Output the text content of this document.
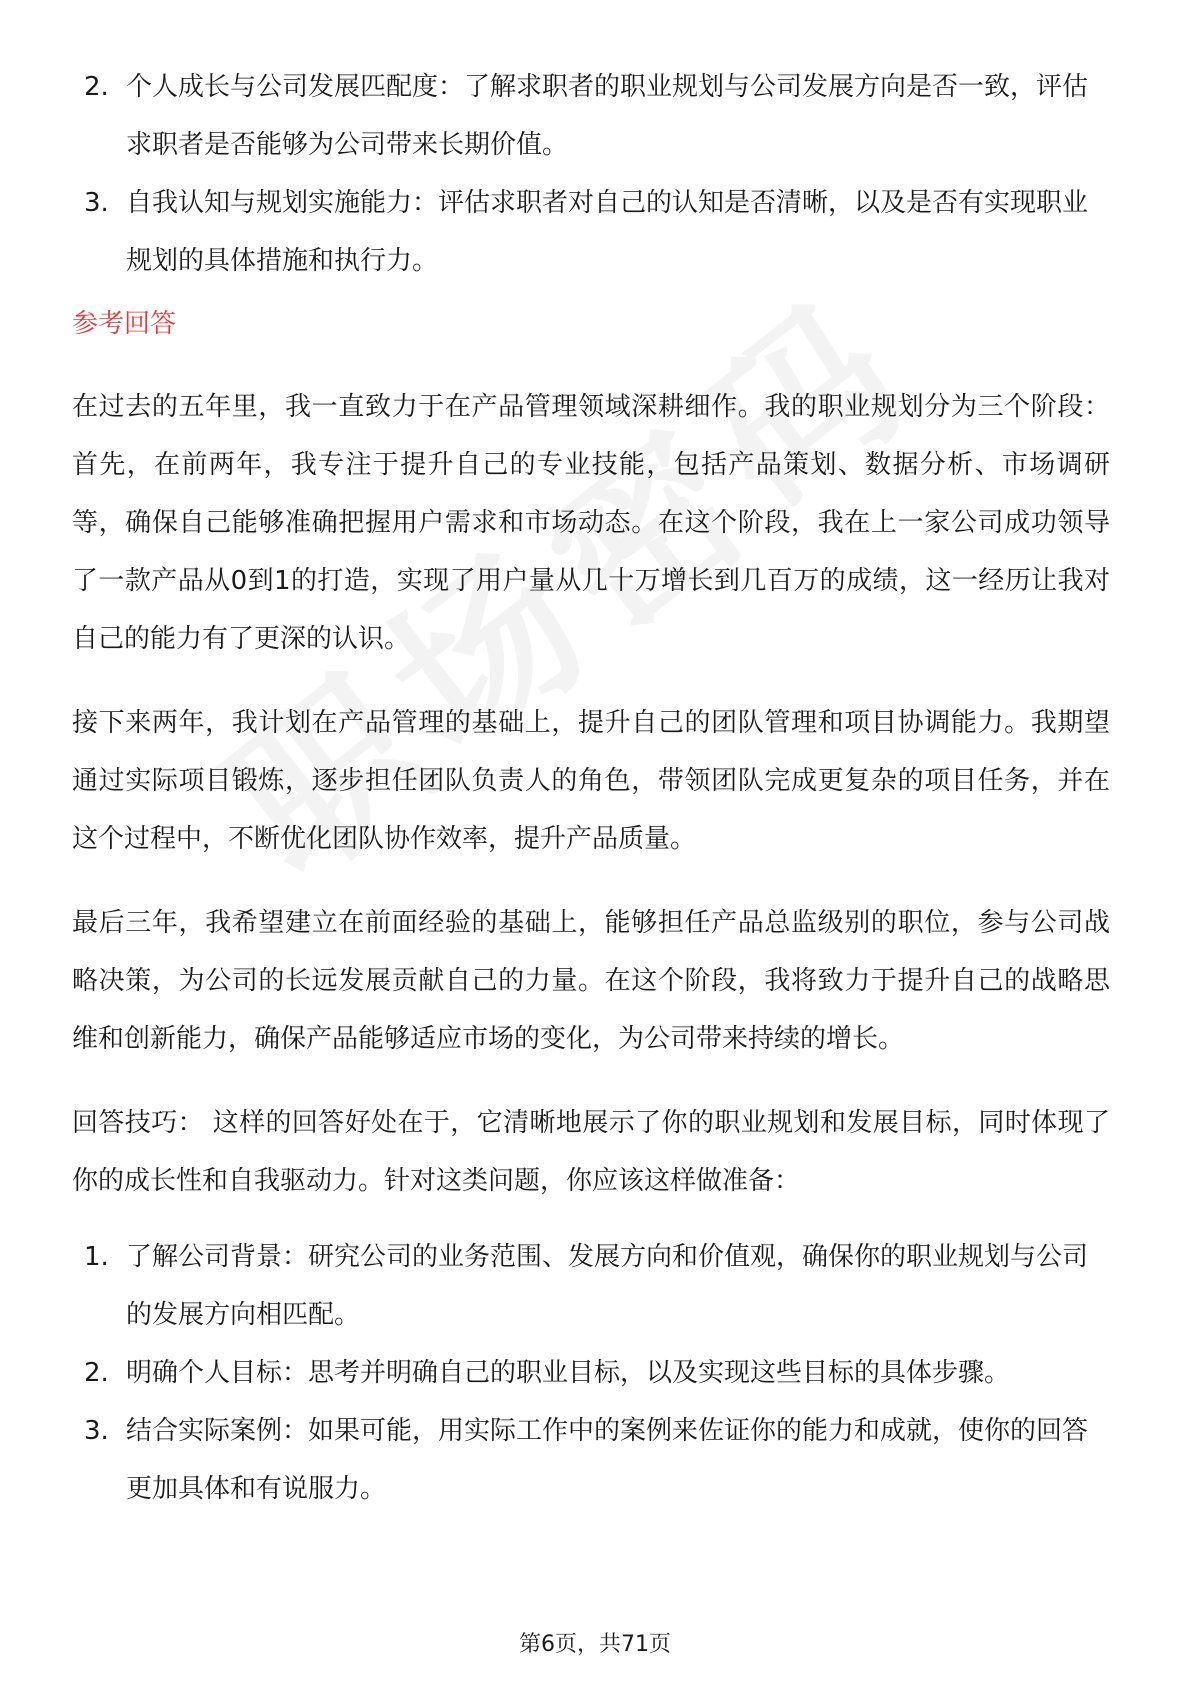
2. 个人成长与公司发展匹配度：了解求职者的职业规划与公司发展方向是否一致，评估求职者是否能够为公司带来长期价值。
3. 自我认知与规划实施能力：评估求职者对自己的认知是否清晰，以及是否有实现职业规划的具体措施和执行力。
参考回答

在过去的五年里，我一直致力于在产品管理领域深耕细作。我的职业规划分为三个阶段：首先，在前两年，我专注于提升自己的专业技能，包括产品策划、数据分析、市场调研等，确保自己能够准确把握用户需求和市场动态。在这个阶段，我在上一家公司成功领导了一款产品从0到1的打造，实现了用户量从几十万增长到几百万的成绩，这一经历让我对自己的能力有了更深的认识。

接下来两年，我计划在产品管理的基础上，提升自己的团队管理和项目协调能力。我期望通过实际项目锻炼，逐步担任团队负责人的角色，带领团队完成更复杂的项目任务，并在这个过程中，不断优化团队协作效率，提升产品质量。

最后三年，我希望建立在前面经验的基础上，能够担任产品总监级别的职位，参与公司战略决策，为公司的长远发展贡献自己的力量。在这个阶段，我将致力于提升自己的战略思维和创新能力，确保产品能够适应市场的变化，为公司带来持续的增长。

回答技巧： 这样的回答好处在于，它清晰地展示了你的职业规划和发展目标，同时体现了你的成长性和自我驱动力。针对这类问题，你应该这样做准备：

1. 了解公司背景：研究公司的业务范围、发展方向和价值观，确保你的职业规划与公司的发展方向相匹配。
2. 明确个人目标：思考并明确自己的职业目标，以及实现这些目标的具体步骤。
3. 结合实际案例：如果可能，用实际工作中的案例来佐证你的能力和成就，使你的回答更加具体和有说服力。
第6页，共71页
